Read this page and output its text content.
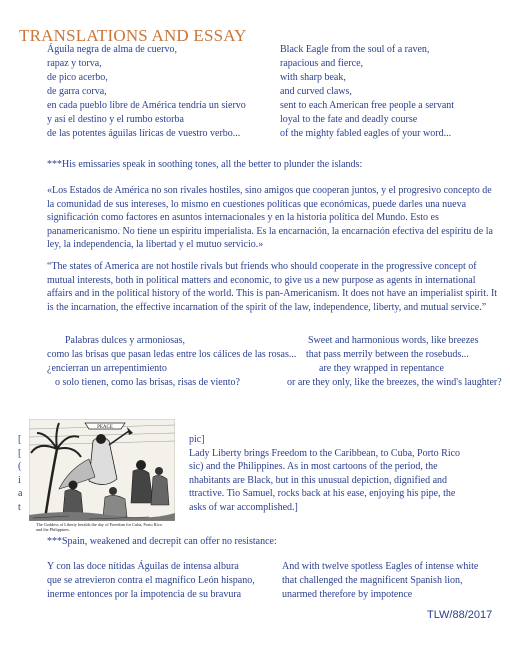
TRANSLATIONS AND ESSAY
Águila negra de alma de cuervo,
rapaz y torva,
de pico acerbo,
de garra corva,
en cada pueblo libre de América tendría un siervo
y así el destino y el rumbo estorba
de las potentes águilas líricas de vuestro verbo...
Black Eagle from the soul of a raven,
rapacious and fierce,
with sharp beak,
and curved claws,
sent to each American free people a servant
loyal to the fate and deadly course
of the mighty fabled eagles of your word...
***His emissaries speak in soothing tones, all the better to plunder the islands:
«Los Estados de América no son rivales hostiles, sino amigos que cooperan juntos, y el progresivo concepto de la comunidad de sus intereses, lo mismo en cuestiones políticas que económicas, puede darles una nueva significación como factores en asuntos internacionales y en la historia política del Mundo. Esto es panamericanismo. No tiene un espíritu imperialista. Es la encarnación, la encarnación efectiva del espíritu de la ley, la independencia, la libertad y el mutuo servicio.»
“The states of America are not hostile rivals but friends who should cooperate in the progressive concept of mutual interests, both in political matters and economic, to give us a new purpose as agents in international affairs and in the political history of the world. This is pan-Americanism. It does not have an imperialist spirit. It is the incarnation, the effective incarnation of the spirit of the law, independence, liberty, and mutual service.”
Palabras dulces y armoniosas,
como las brisas que pasan ledas entre los cálices de las rosas...
¿encierran un arrepentimiento
o solo tienen, como las brisas, risas de viento?
Sweet and harmonious words, like breezes
that pass merrily between the rosebuds...
are they wrapped in repentance
or are they only, like the breezes, the wind's laughter?
[
[
(
i
a
t
PEACE
The Goddess of Liberty heralds the day of Freedom for Cuba, Porto Rico and the Philippines.
pic]
Lady Liberty brings Freedom to the Caribbean, to Cuba, Porto Rico
sic) and the Philippines. As in most cartoons of the period, the
nhabitants are Black, but in this unusual depiction, dignified and
ttractive. Tio Samuel, rocks back at his ease, enjoying his pipe, the
asks of war accomplished.]
***Spain, weakened and decrepit can offer no resistance:
Y con las doce nítidas Águilas de intensa albura
que se atrevieron contra el magnífico León hispano,
inerme entonces por la impotencia de su bravura
And with twelve spotless Eagles of intense white
that challenged the magnificent Spanish lion,
unarmed therefore by impotence
TLW/88/2017
